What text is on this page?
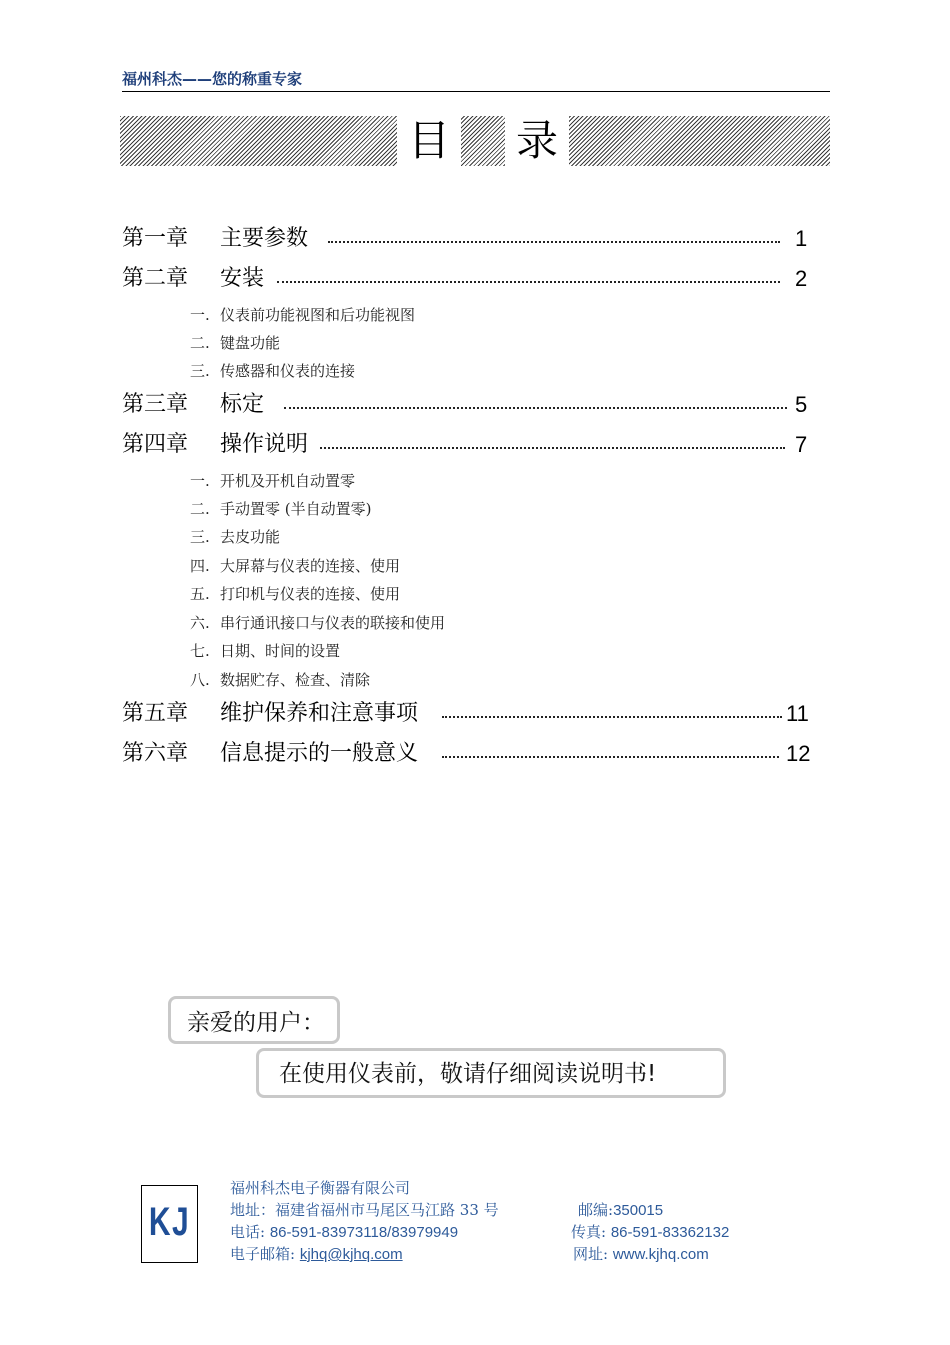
福州科杰——您的称重专家
目 录
第一章 主要参数	1
第二章 安装	2
一. 仪表前功能视图和后功能视图
二. 键盘功能
三. 传感器和仪表的连接
第三章 标定	5
第四章 操作说明	7
一. 开机及开机自动置零
二. 手动置零 (半自动置零)
三. 去皮功能
四. 大屏幕与仪表的连接、使用
五. 打印机与仪表的连接、使用
六. 串行通讯接口与仪表的联接和使用
七. 日期、时间的设置
八. 数据贮存、检查、清除
第五章 维护保养和注意事项	11
第六章 信息提示的一般意义	12
亲爱的用户：
在使用仪表前，敬请仔细阅读说明书!
KJ
福州科杰电子衡器有限公司
地址：福建省福州市马尾区马江路 33 号	邮编:350015
电话: 86-591-83973118/83979949	传真: 86-591-83362132
电子邮箱: kjhq@kjhq.com	网址: www.kjhq.com
